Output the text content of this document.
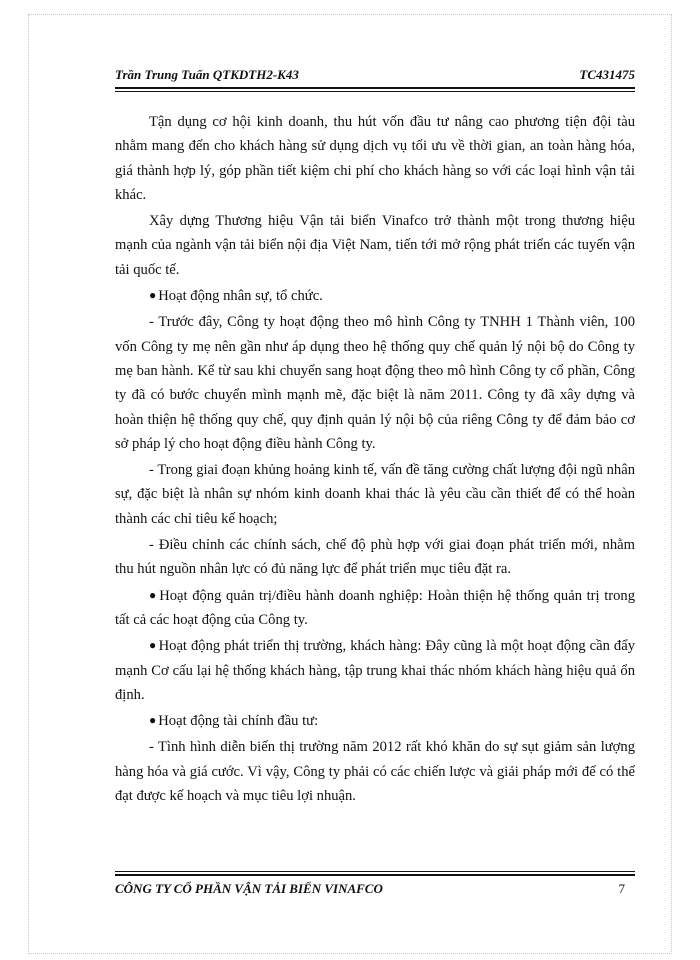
Trần Trung Tuấn QTKDTH2-K43	TC431475

Tận dụng cơ hội kinh doanh, thu hút vốn đầu tư nâng cao phương tiện đội tàu nhằm mang đến cho khách hàng sử dụng dịch vụ tối ưu về thời gian, an toàn hàng hóa, giá thành hợp lý, góp phần tiết kiệm chi phí cho khách hàng so với các loại hình vận tải khác.

Xây dựng Thương hiệu Vận tải biển Vinafco trở thành một trong thương hiệu mạnh của ngành vận tải biển nội địa Việt Nam, tiến tới mở rộng phát triển các tuyến vận tải quốc tế.

● Hoạt động nhân sự, tổ chức.

- Trước đây, Công ty hoạt động theo mô hình Công ty TNHH 1 Thành viên, 100 vốn Công ty mẹ nên gần như áp dụng theo hệ thống quy chế quản lý nội bộ do Công ty mẹ ban hành. Kể từ sau khi chuyển sang hoạt động theo mô hình Công ty cổ phần, Công ty đã có bước chuyển mình mạnh mẽ, đặc biệt là năm 2011. Công ty đã xây dựng và hoàn thiện hệ thống quy chế, quy định quản lý nội bộ của riêng Công ty để đảm bảo cơ sở pháp lý cho hoạt động điều hành Công ty.

- Trong giai đoạn khủng hoảng kinh tế, vấn đề tăng cường chất lượng đội ngũ nhân sự, đặc biệt là nhân sự nhóm kinh doanh khai thác là yêu cầu cần thiết để có thể hoàn thành các chỉ tiêu kế hoạch;

- Điều chỉnh các chính sách, chế độ phù hợp với giai đoạn phát triển mới, nhằm thu hút nguồn nhân lực có đủ năng lực để phát triển mục tiêu đặt ra.

● Hoạt động quản trị/điều hành doanh nghiệp: Hoàn thiện hệ thống quản trị trong tất cả các hoạt động của Công ty.

● Hoạt động phát triển thị trường, khách hàng: Đây cũng là một hoạt động cần đẩy mạnh Cơ cấu lại hệ thống khách hàng, tập trung khai thác nhóm khách hàng hiệu quả ổn định.

● Hoạt động tài chính đầu tư:

- Tình hình diễn biến thị trường năm 2012 rất khó khăn do sự sụt giảm sản lượng hàng hóa và giá cước. Vì vậy, Công ty phải có các chiến lược và giải pháp mới để có thể đạt được kế hoạch và mục tiêu lợi nhuận.

CÔNG TY CỔ PHẦN VẬN TẢI BIỂN VINAFCO	7
